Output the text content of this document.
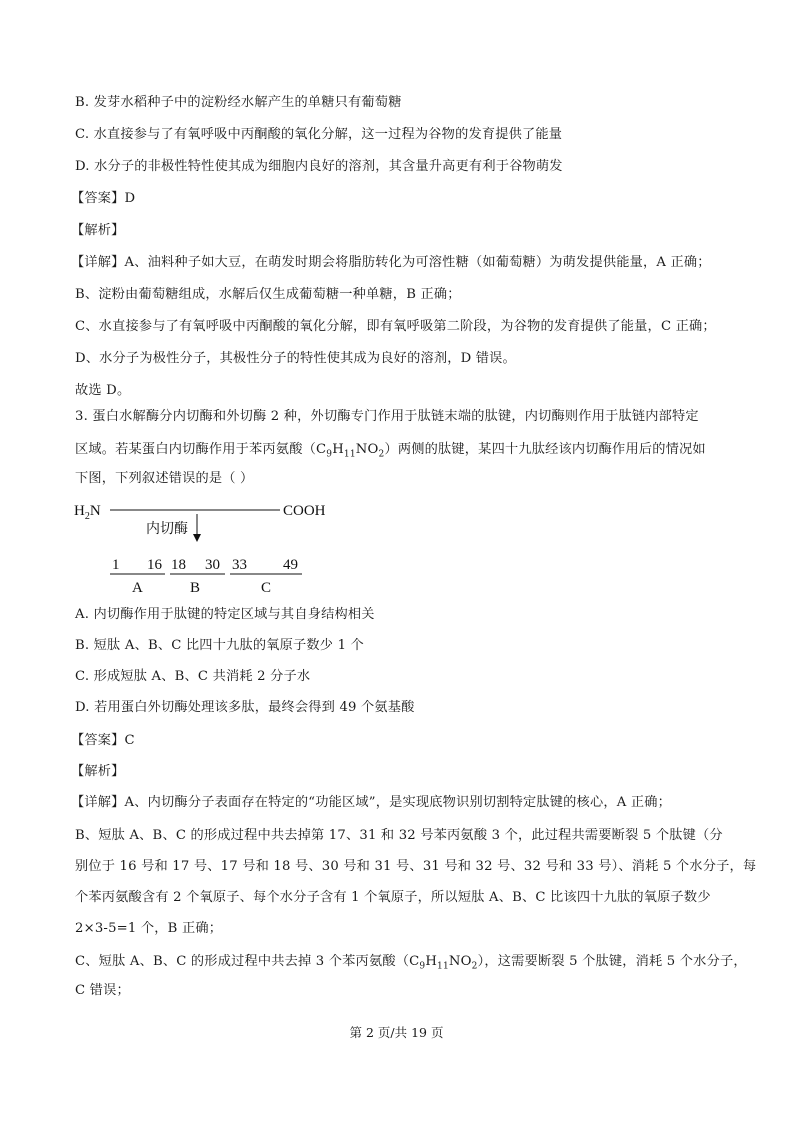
B. 发芽水稻种子中的淀粉经水解产生的单糖只有葡萄糖
C. 水直接参与了有氧呼吸中丙酮酸的氧化分解，这一过程为谷物的发育提供了能量
D. 水分子的非极性特性使其成为细胞内良好的溶剂，其含量升高更有利于谷物萌发
【答案】D
【解析】
【详解】A、油料种子如大豆，在萌发时期会将脂肪转化为可溶性糖（如葡萄糖）为萌发提供能量，A 正确；
B、淀粉由葡萄糖组成，水解后仅生成葡萄糖一种单糖，B 正确；
C、水直接参与了有氧呼吸中丙酮酸的氧化分解，即有氧呼吸第二阶段，为谷物的发育提供了能量，C 正确；
D、水分子为极性分子，其极性分子的特性使其成为良好的溶剂，D 错误。
故选 D。
3. 蛋白水解酶分内切酶和外切酶 2 种，外切酶专门作用于肽链末端的肽键，内切酶则作用于肽链内部特定
区域。若某蛋白内切酶作用于苯丙氨酸$(C_9H_{11}NO_2)$两侧的肽键，某四十九肽经该内切酶作用后的情况如
下图，下列叙述错误的是（ ）
$H_2N$	COOH
内切酶
1 16
A
18 30
B
33 49
C
A. 内切酶作用于肽键的特定区域与其自身结构相关
B. 短肽 A、B、C 比四十九肽的氧原子数少 1 个
C. 形成短肽 A、B、C 共消耗 2 分子水
D. 若用蛋白外切酶处理该多肽，最终会得到 49 个氨基酸
【答案】C
【解析】
【详解】A、内切酶分子表面存在特定的“功能区域”，是实现底物识别切割特定肽键的核心，A 正确；
B、短肽 A、B、C 的形成过程中共去掉第 17、31 和 32 号苯丙氨酸 3 个，此过程共需要断裂 5 个肽键（分
别位于 16 号和 17 号、17 号和 18 号、30 号和 31 号、31 号和 32 号、32 号和 33 号）、消耗 5 个水分子，每
个苯丙氨酸含有 2 个氧原子、每个水分子含有 1 个氧原子，所以短肽 A、B、C 比该四十九肽的氧原子数少
2×3-5=1 个，B 正确；
C、短肽 A、B、C 的形成过程中共去掉 3 个苯丙氨酸$(C_9H_{11}NO_2)$，这需要断裂 5 个肽键，消耗 5 个水分子，
C 错误；
第 2 页/共 19 页
